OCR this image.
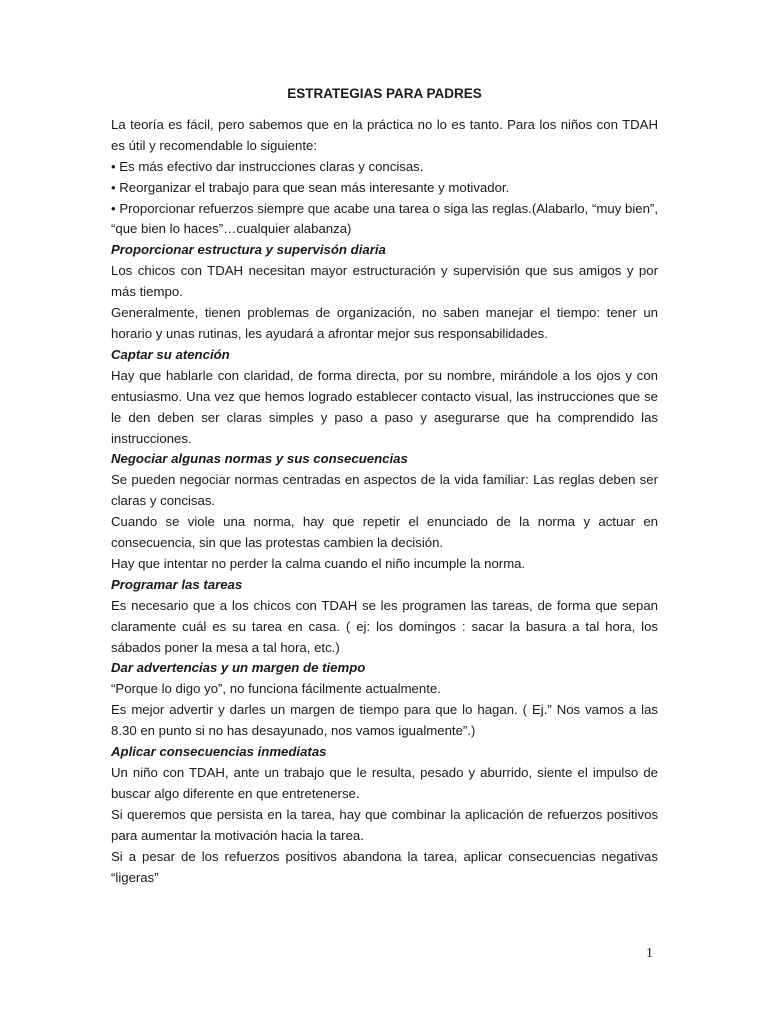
ESTRATEGIAS PARA PADRES

La teoría es fácil, pero sabemos que en la práctica no lo es tanto. Para los niños con TDAH es útil y recomendable lo siguiente:

• Es más efectivo dar instrucciones claras y concisas.

• Reorganizar el trabajo para que sean más interesante y motivador.

• Proporcionar refuerzos siempre que acabe una tarea o siga las reglas.(Alabarlo, “muy bien”, “que bien lo haces”…cualquier alabanza)

Proporcionar estructura y supervisón diaria

Los chicos con TDAH necesitan mayor estructuración y supervisión que sus amigos y por más tiempo.

Generalmente, tienen problemas de organización, no saben manejar el tiempo: tener un horario y unas rutinas, les ayudará a afrontar mejor sus responsabilidades.

Captar su atención

Hay que hablarle con claridad, de forma directa, por su nombre, mirándole a los ojos y con entusiasmo. Una vez que hemos logrado establecer contacto visual, las instrucciones que se le den deben ser claras simples y paso a paso y asegurarse que ha comprendido las instrucciones.

Negociar algunas normas y sus consecuencias

Se pueden negociar normas centradas en aspectos de la vida familiar: Las reglas deben ser claras y concisas.

Cuando se viole una norma, hay que repetir el enunciado de la norma y actuar en consecuencia, sin que las protestas cambien la decisión.

Hay que intentar no perder la calma cuando el niño incumple la norma.

Programar las tareas

Es necesario que a los chicos con TDAH se les programen las tareas, de forma que sepan claramente cuál es su tarea en casa. ( ej: los domingos : sacar la basura a tal hora, los sábados poner la mesa a tal hora, etc.)

Dar advertencias y un margen de tiempo

“Porque lo digo yo”, no funciona fácilmente actualmente.

Es mejor advertir y darles un margen de tiempo para que lo hagan. ( Ej.” Nos vamos a las 8.30 en punto si no has desayunado, nos vamos igualmente”.)

Aplicar consecuencias inmediatas

Un niño con TDAH, ante un trabajo que le resulta, pesado y aburrido, siente el impulso de buscar algo diferente en que entretenerse.

Si queremos que persista en la tarea, hay que combinar la aplicación de refuerzos positivos para aumentar la motivación hacia la tarea.

Si a pesar de los refuerzos positivos abandona la tarea, aplicar consecuencias negativas “ligeras”

1
